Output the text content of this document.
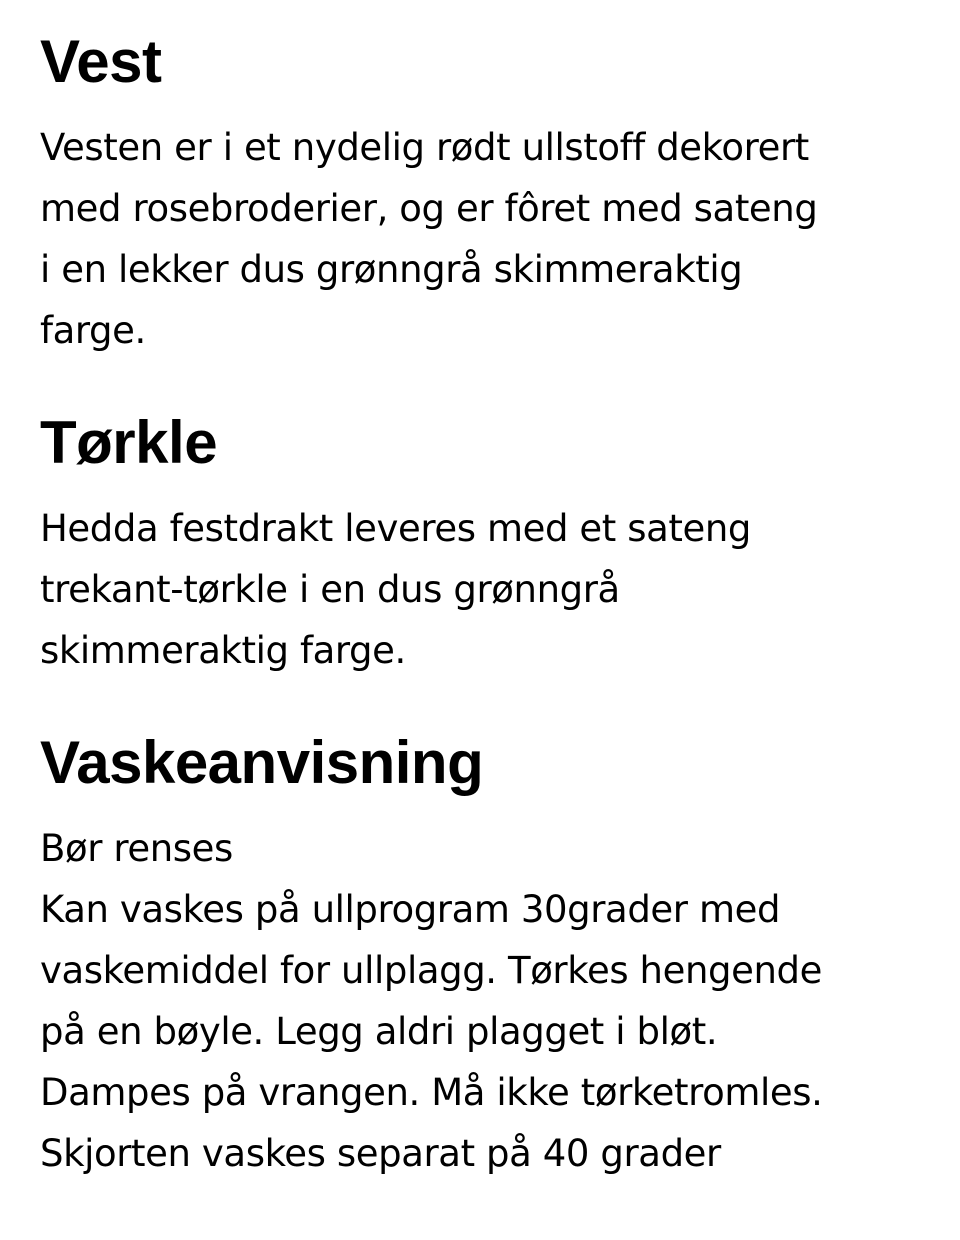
Vest

Vesten er i et nydelig rødt ullstoff dekorert
med rosebroderier, og er fôret med sateng
i en lekker dus grønngrå skimmeraktig
farge.

Tørkle

Hedda festdrakt leveres med et sateng
trekant-tørkle i en dus grønngrå
skimmeraktig farge.

Vaskeanvisning

Bør renses
Kan vaskes på ullprogram 30grader med
vaskemiddel for ullplagg. Tørkes hengende
på en bøyle. Legg aldri plagget i bløt.
Dampes på vrangen. Må ikke tørketromles.
Skjorten vaskes separat på 40 grader
